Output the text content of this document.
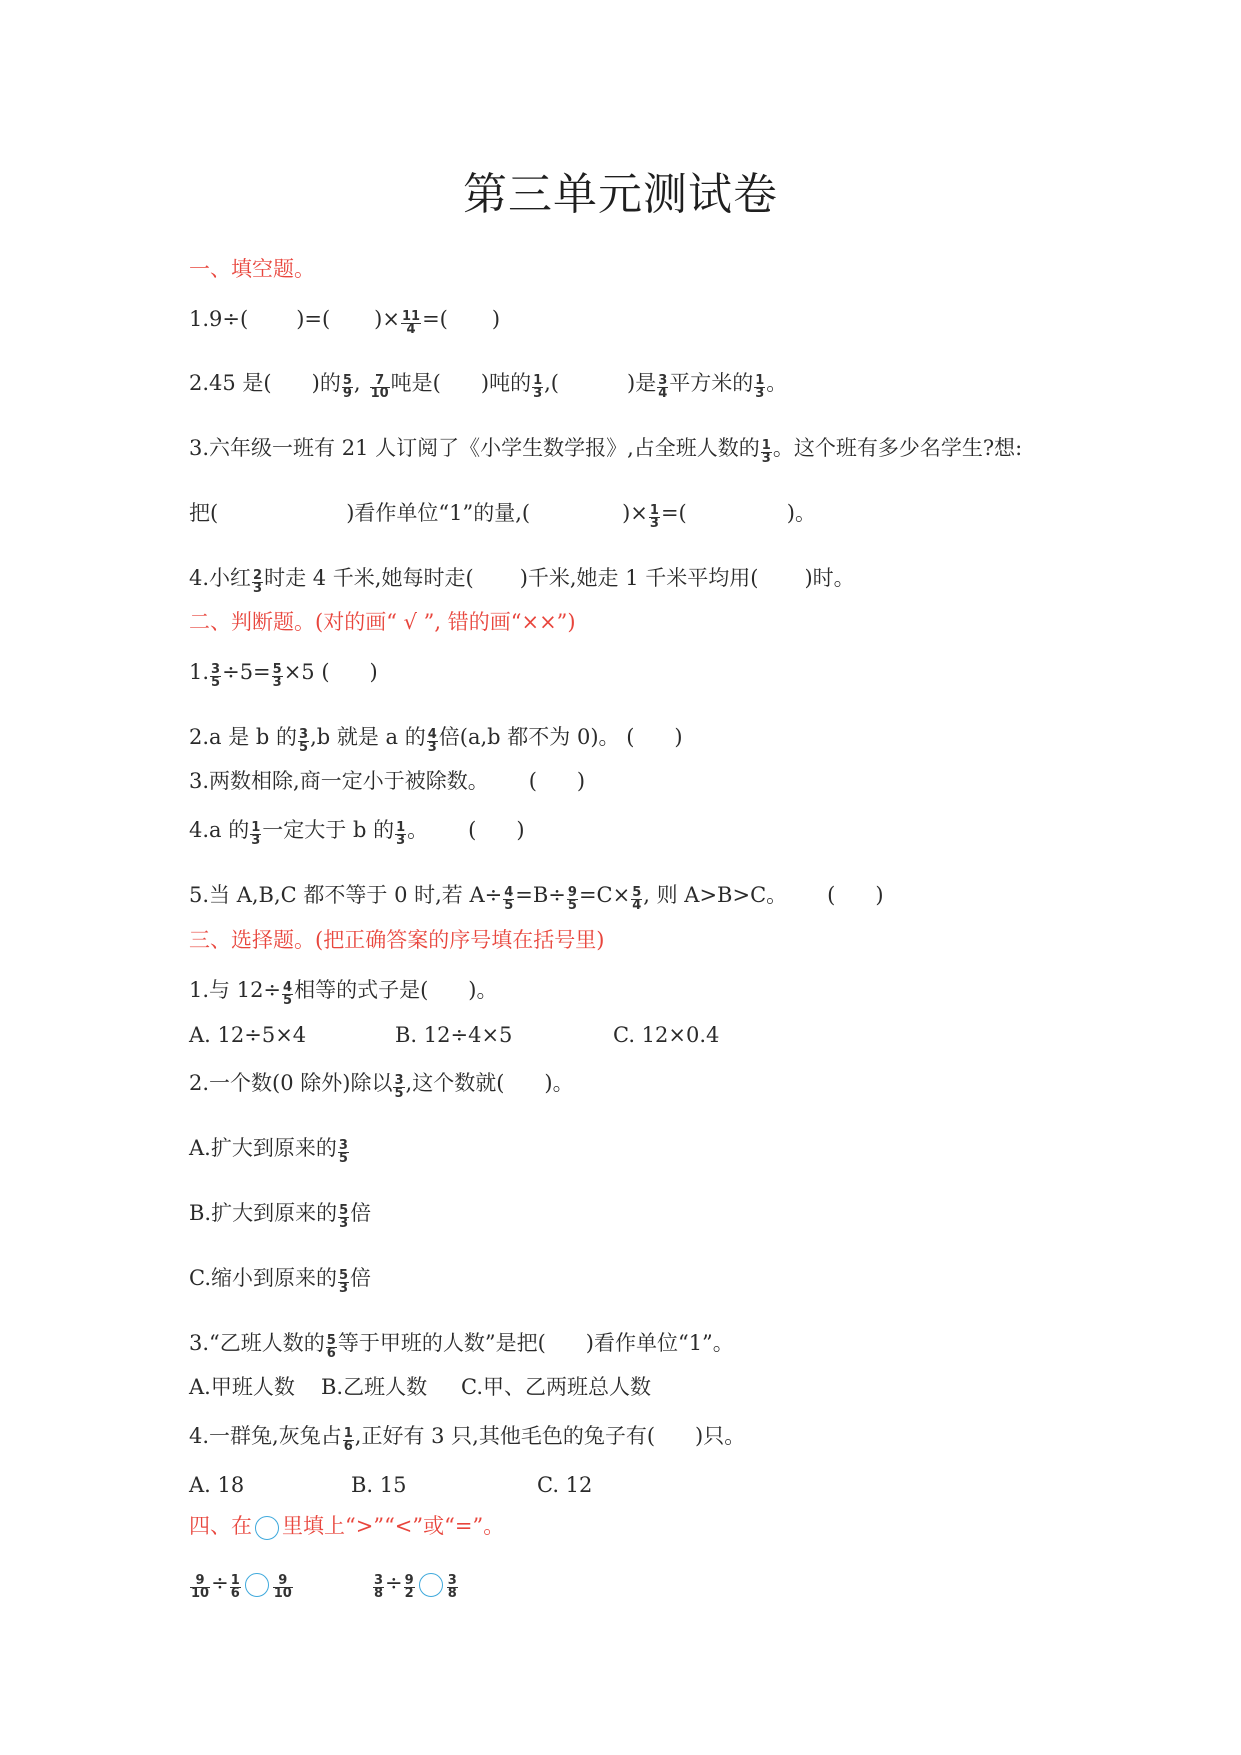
第三单元测试卷
一、填空题。
1.9÷( )=( )× $\frac{11}{4}$ =( )
2.45 是( )的 $\frac{5}{9}$ , $\frac{7}{10}$ 吨是( )吨的 $\frac{1}{3}$ ,(	)是 $\frac{3}{4}$ 平方米的 $\frac{1}{3}$ 。
3.六年级一班有 21 人订阅了《小学生数学报》,占全班人数的 $\frac{1}{3}$ 。这个班有多少名学生?想:
把(	)看作单位“1”的量,(	)× $\frac{1}{3}$ =(	)。
4.小红 $\frac{2}{3}$ 时走 4 千米,她每时走( )千米,她走 1 千米平均用( )时。
二、判断题。(对的画“ √ ”, 错的画“××”)
1. $\frac{3}{5} \div 5= \frac{5}{3} \times 5$ ( )
2.a 是 b 的 $\frac{3}{5} ,b$ 就是 a 的 $\frac{4}{3}$ 倍(a,b 都不为 0)。 ( )
3.两数相除,商一定小于被除数。 ( )
4.a 的 $\frac{1}{3}$ 一定大于 b 的 $\frac{1}{3}$ 。 ( )
5.当 A,B,C 都不等于 0 时,若 $A\div \frac{4}{5} =B\div \frac{9}{5} =C\times \frac{5}{4}$ , 则 A>B>C。 ( )
三、选择题。(把正确答案的序号填在括号里)
1.与 $12\div \frac{4}{5}$ 相等的式子是( )。
A. 12÷5×4	B. 12÷4×5	C. 12×0.4
2.一个数(0 除外)除以 $\frac{3}{5}$ ,这个数就( )。
A.扩大到原来的 $\frac{3}{5}$
B.扩大到原来的 $\frac{5}{3}$ 倍
C.缩小到原来的 $\frac{5}{3}$ 倍
3.“乙班人数的 $\frac{5}{6}$ 等于甲班的人数”是把( )看作单位“1”。
A.甲班人数 B.乙班人数 C.甲、乙两班总人数
4.一群兔,灰兔占 $\frac{1}{6}$ ,正好有 3 只,其他毛色的兔子有( )只。
A. 18	B. 15	C. 12
四、在 里填上“>”“<”或“=”。
$\frac{9}{10} \div \frac{1}{6} \frac{9}{10}$	$\frac{3}{8} \div \frac{9}{2} \frac{3}{8}$
